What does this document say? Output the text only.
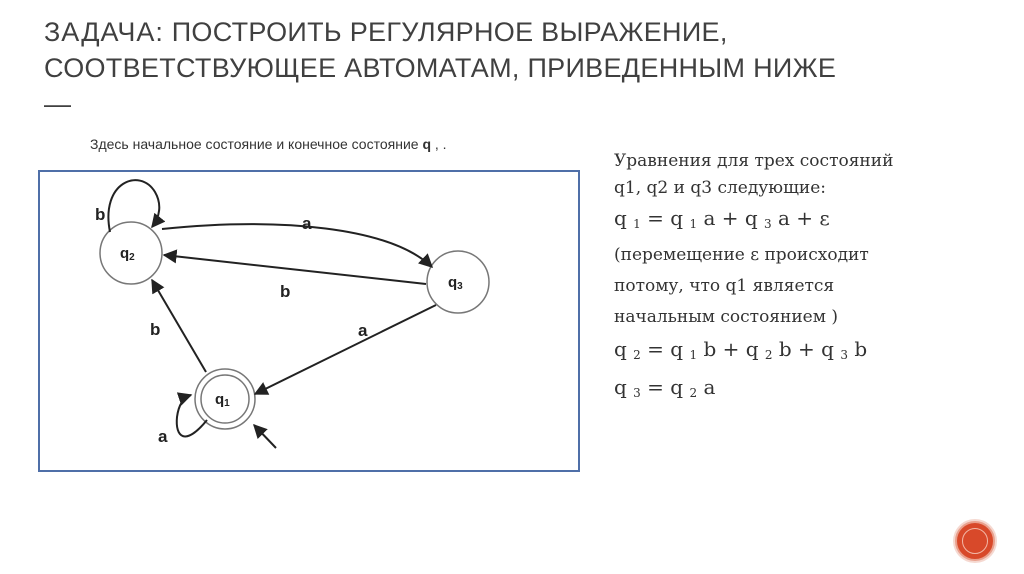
ЗАДАЧА: ПОСТРОИТЬ РЕГУЛЯРНОЕ ВЫРАЖЕНИЕ,
СООТВЕТСТВУЮЩЕЕ АВТОМАТАМ, ПРИВЕДЕННЫМ НИЖЕ
—
Здесь начальное состояние и конечное состояние q , .
q2
q3
q1
b	a
b
b	a
a

Уравнения для трех состояний

q1, q2 и q3 следующие:

q $_1$ = q $_1$ a + q $_3$ a + ε

(перемещение ε происходит

потому, что q1 является

начальным состоянием )

q $_2$ = q $_1$ b + q $_2$ b + q $_3$ b

q $_3$ = q $_2$ a
